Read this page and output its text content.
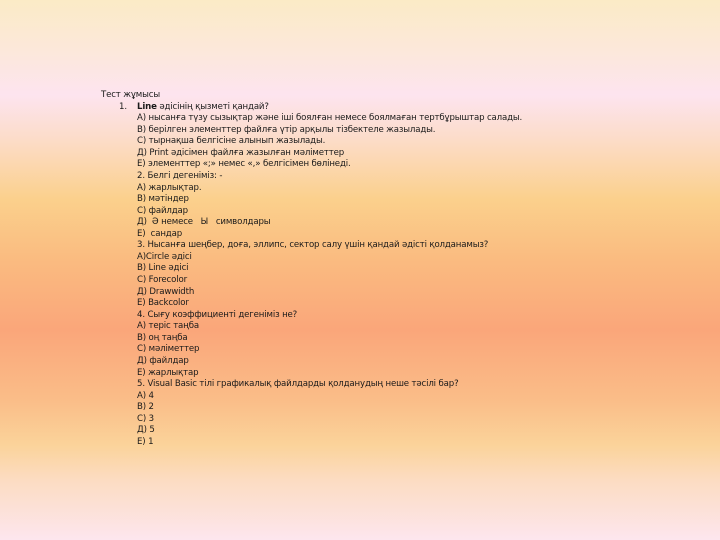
Тест жұмысы
1. Line әдісінің қызметі қандай?
А) нысанға түзу сызықтар және іші боялған немесе боялмаған тертбұрыштар салады.
В) берілген элементтер файлға үтір арқылы тізбектеле жазылады.
С) тырнақша белгісіне алынып жазылады.
Д) Print әдісімен файлға жазылған мәліметтер
Е) элементтер «;» немес «,» белгісімен бөлінеді.
2. Белгі дегеніміз: -
А) жарлықтар.
В) мәтіндер
С) файлдар
Д)  Ә немесе   Ы   символдары
Е)  сандар
3. Нысанға шеңбер, доға, эллипс, сектор салу үшін қандай әдісті қолданамыз?
А)Circle әдісі
В) Line әдісі
С) Forecolor
Д) Drawwidth
Е) Backcolor
4. Сығу коэффициенті дегеніміз не?
А) теріс таңба
В) оң таңба
С) мәліметтер
Д) файлдар
Е) жарлықтар
5. Visual Basic тілі графикалық файлдарды қолданудың неше тәсілі бар?
А) 4
В) 2
С) 3
Д) 5
Е) 1
